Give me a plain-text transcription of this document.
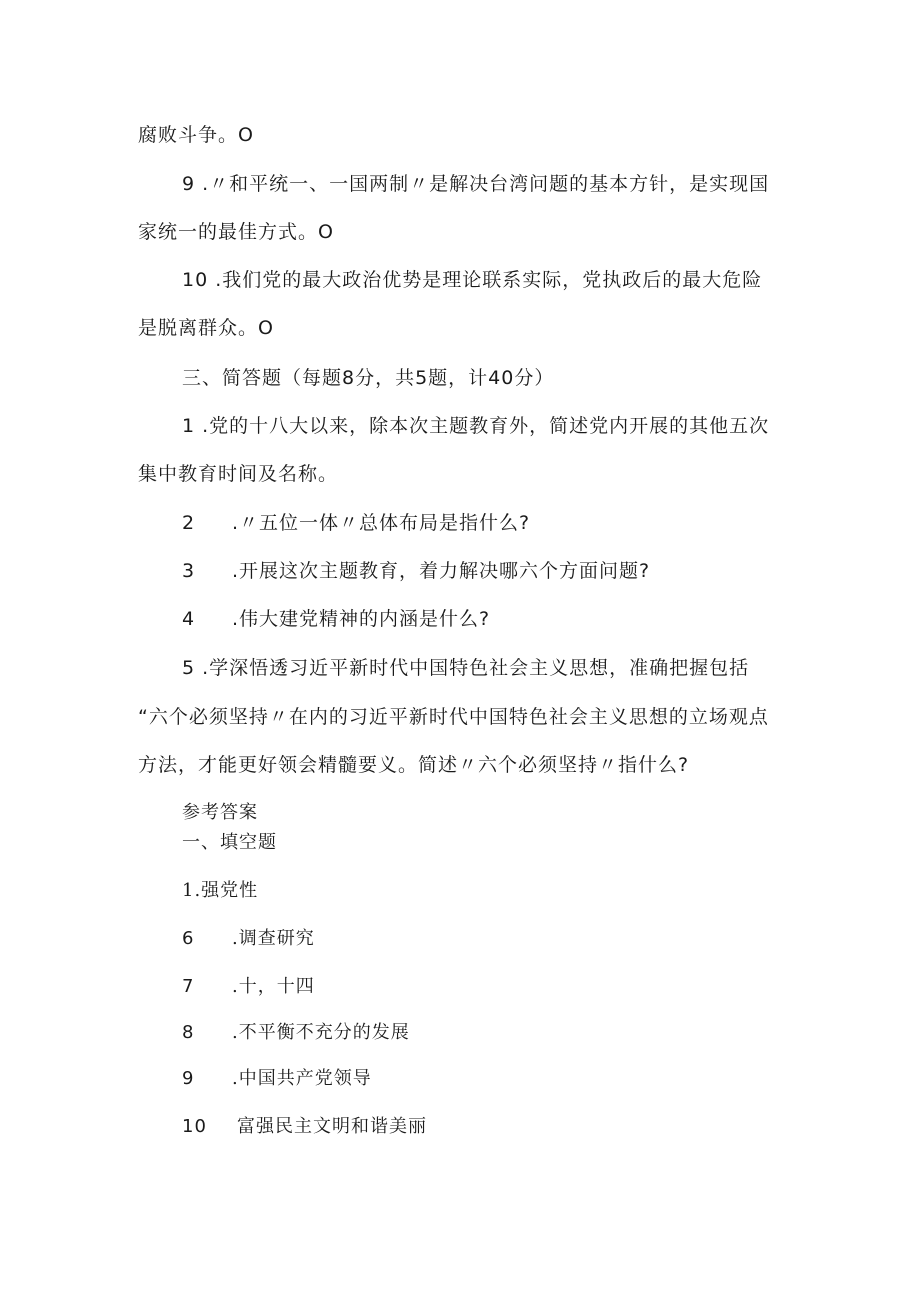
腐败斗争。O
9 .〃和平统一、一国两制〃是解决台湾问题的基本方针，是实现国
家统一的最佳方式。O
10 .我们党的最大政治优势是理论联系实际，党执政后的最大危险
是脱离群众。O
三、简答题（每题8分，共5题，计40分）
1 .党的十八大以来，除本次主题教育外，简述党内开展的其他五次
集中教育时间及名称。
2 .〃五位一体〃总体布局是指什么?
3 .开展这次主题教育，着力解决哪六个方面问题?
4 .伟大建党精神的内涵是什么?
5 .学深悟透习近平新时代中国特色社会主义思想，准确把握包括
“六个必须坚持〃在内的习近平新时代中国特色社会主义思想的立场观点
方法，才能更好领会精髓要义。简述〃六个必须坚持〃指什么?
参考答案
一、填空题
1.强党性
6 .调查研究
7 .十，十四
8 .不平衡不充分的发展
9 .中国共产党领导
10 富强民主文明和谐美丽
